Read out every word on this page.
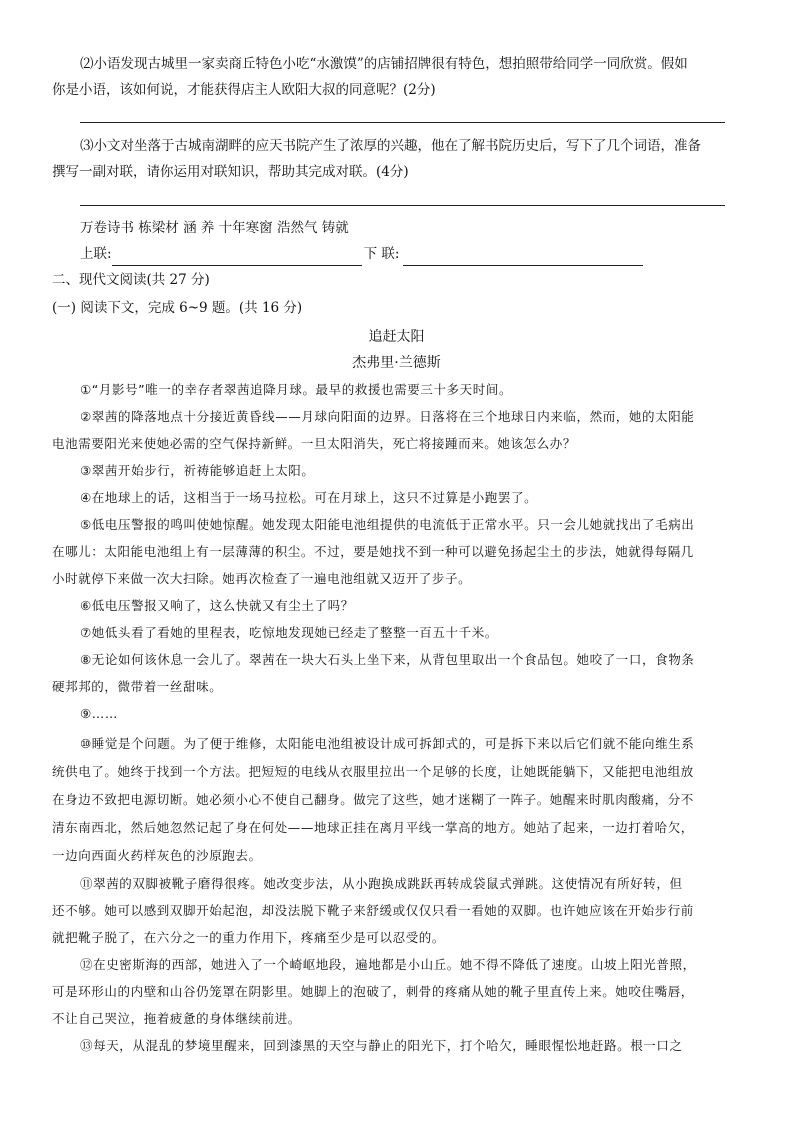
⑵小语发现古城里一家卖商丘特色小吃“水激馍”的店铺招牌很有特色，想拍照带给同学一同欣赏。假如
你是小语，该如何说，才能获得店主人欧阳大叔的同意呢？(2分)
⑶小文对坐落于古城南湖畔的应天书院产生了浓厚的兴趣，他在了解书院历史后，写下了几个词语，准备
撰写一副对联，请你运用对联知识，帮助其完成对联。(4分)
万卷诗书 栋梁材 涵 养 十年寒窗 浩然气 铸就
上联:	下 联:
二、现代文阅读(共 27 分)
(一) 阅读下文，完成 6~9 题。(共 16 分)
追赶太阳
杰弗里·兰德斯
①“月影号”唯一的幸存者翠茜追降月球。最早的救援也需要三十多天时间。
②翠茜的降落地点十分接近黄昏线——月球向阳面的边界。日落将在三个地球日内来临，然而，她的太阳能
电池需要阳光来使她必需的空气保持新鲜。一旦太阳消失，死亡将接踵而来。她该怎么办？
③翠茜开始步行，祈祷能够追赶上太阳。
④在地球上的话，这相当于一场马拉松。可在月球上，这只不过算是小跑罢了。
⑤低电压警报的鸣叫使她惊醒。她发现太阳能电池组提供的电流低于正常水平。只一会儿她就找出了毛病出
在哪儿：太阳能电池组上有一层薄薄的积尘。不过，要是她找不到一种可以避免扬起尘土的步法，她就得每隔几
小时就停下来做一次大扫除。她再次检查了一遍电池组就又迈开了步子。
⑥低电压警报又响了，这么快就又有尘土了吗？
⑦她低头看了看她的里程表，吃惊地发现她已经走了整整一百五十千米。
⑧无论如何该休息一会儿了。翠茜在一块大石头上坐下来，从背包里取出一个食品包。她咬了一口，食物条
硬邦邦的，微带着一丝甜味。
⑨……
⑩睡觉是个问题。为了便于维修，太阳能电池组被设计成可拆卸式的，可是拆下来以后它们就不能向维生系
统供电了。她终于找到一个方法。把短短的电线从衣服里拉出一个足够的长度，让她既能躺下，又能把电池组放
在身边不致把电源切断。她必须小心不使自己翻身。做完了这些，她才迷糊了一阵子。她醒来时肌肉酸痛，分不
清东南西北，然后她忽然记起了身在何处——地球正挂在离月平线一掌高的地方。她站了起来，一边打着哈欠，
一边向西面火药样灰色的沙原跑去。
⑪翠茜的双脚被靴子磨得很疼。她改变步法，从小跑换成跳跃再转成袋鼠式弹跳。这使情况有所好转，但
还不够。她可以感到双脚开始起泡，却没法脱下靴子来舒缓或仅仅只看一看她的双脚。也许她应该在开始步行前
就把靴子脱了，在六分之一的重力作用下，疼痛至少是可以忍受的。
⑫在史密斯海的西部，她进入了一个崎岖地段，遍地都是小山丘。她不得不降低了速度。山坡上阳光普照，
可是环形山的内壁和山谷仍笼罩在阴影里。她脚上的泡破了，刺骨的疼痛从她的靴子里直传上来。她咬住嘴唇，
不让自己哭泣，拖着疲惫的身体继续前进。
⑬每天，从混乱的梦境里醒来，回到漆黑的天空与静止的阳光下，打个哈欠，睡眼惺忪地赶路。根一口之
